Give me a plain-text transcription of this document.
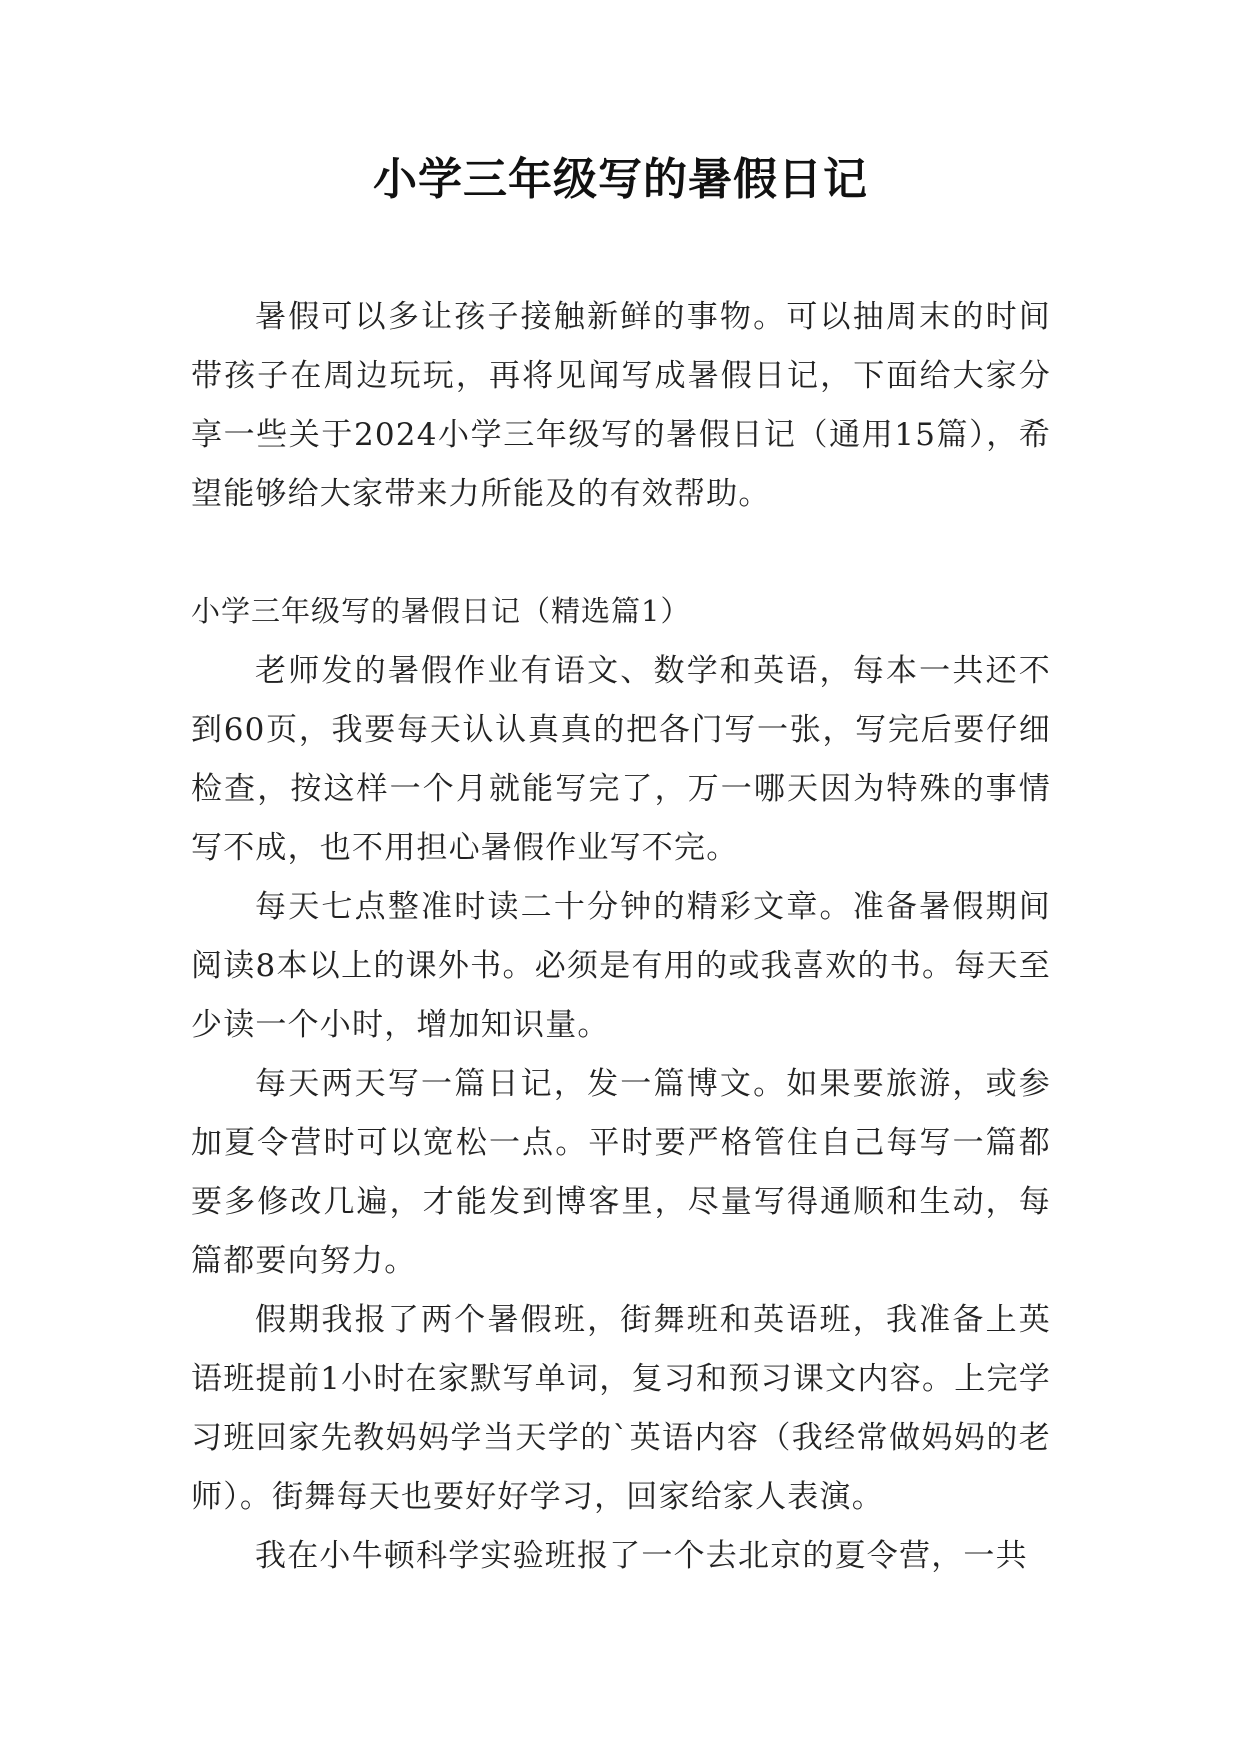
小学三年级写的暑假日记

暑假可以多让孩子接触新鲜的事物。可以抽周末的时间带孩子在周边玩玩，再将见闻写成暑假日记，下面给大家分享一些关于2024小学三年级写的暑假日记（通用15篇），希望能够给大家带来力所能及的有效帮助。

小学三年级写的暑假日记（精选篇1）

老师发的暑假作业有语文、数学和英语，每本一共还不到60页，我要每天认认真真的把各门写一张，写完后要仔细检查，按这样一个月就能写完了，万一哪天因为特殊的事情写不成，也不用担心暑假作业写不完。

每天七点整准时读二十分钟的精彩文章。准备暑假期间阅读8本以上的课外书。必须是有用的或我喜欢的书。每天至少读一个小时，增加知识量。

每天两天写一篇日记，发一篇博文。如果要旅游，或参加夏令营时可以宽松一点。平时要严格管住自己每写一篇都要多修改几遍，才能发到博客里，尽量写得通顺和生动，每篇都要向努力。

假期我报了两个暑假班，街舞班和英语班，我准备上英语班提前1小时在家默写单词，复习和预习课文内容。上完学习班回家先教妈妈学当天学的`英语内容（我经常做妈妈的老师）。街舞每天也要好好学习，回家给家人表演。

我在小牛顿科学实验班报了一个去北京的夏令营，一共
